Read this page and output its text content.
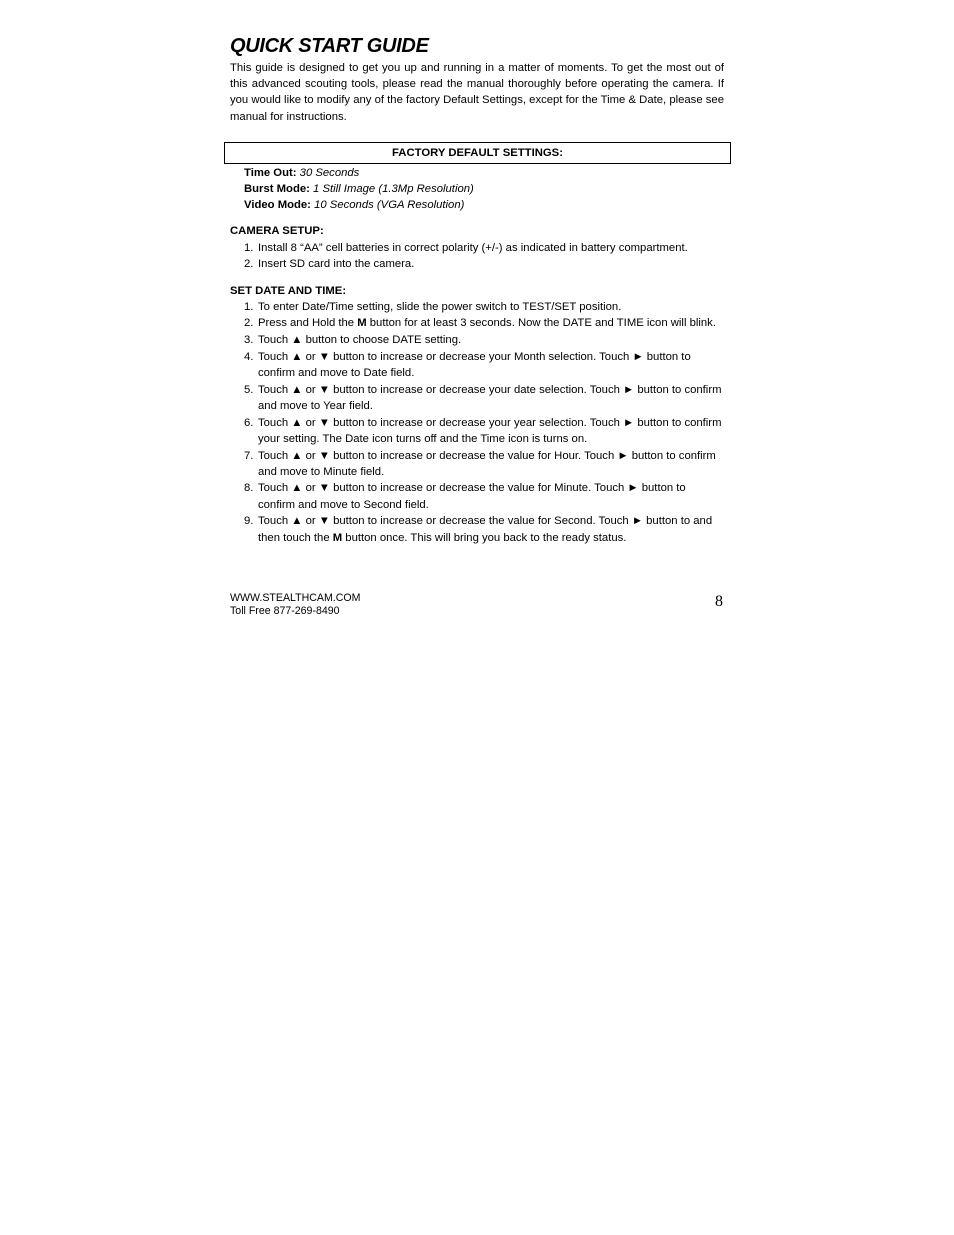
QUICK START GUIDE

This guide is designed to get you up and running in a matter of moments. To get the most out of this advanced scouting tools, please read the manual thoroughly before operating the camera. If you would like to modify any of the factory Default Settings, except for the Time & Date, please see manual for instructions.

FACTORY DEFAULT SETTINGS:
Time Out: 30 Seconds
Burst Mode: 1 Still Image (1.3Mp Resolution)
Video Mode: 10 Seconds (VGA Resolution)
CAMERA SETUP:
1. Install 8 “AA” cell batteries in correct polarity (+/-) as indicated in battery compartment.
2. Insert SD card into the camera.
SET DATE AND TIME:
1. To enter Date/Time setting, slide the power switch to TEST/SET position.
2. Press and Hold the M button for at least 3 seconds. Now the DATE and TIME icon will blink.
3. Touch ▲ button to choose DATE setting.
4. Touch ▲ or ▼ button to increase or decrease your Month selection. Touch ► button to confirm and move to Date field.
5. Touch ▲ or ▼ button to increase or decrease your date selection. Touch ► button to confirm and move to Year field.
6. Touch ▲ or ▼ button to increase or decrease your year selection. Touch ► button to confirm your setting. The Date icon turns off and the Time icon is turns on.
7. Touch ▲ or ▼ button to increase or decrease the value for Hour. Touch ► button to confirm and move to Minute field.
8. Touch ▲ or ▼ button to increase or decrease the value for Minute. Touch ► button to confirm and move to Second field.
9. Touch ▲ or ▼ button to increase or decrease the value for Second. Touch ► button to and then touch the M button once. This will bring you back to the ready status.
WWW.STEALTHCAM.COM
Toll Free 877-269-8490
8
